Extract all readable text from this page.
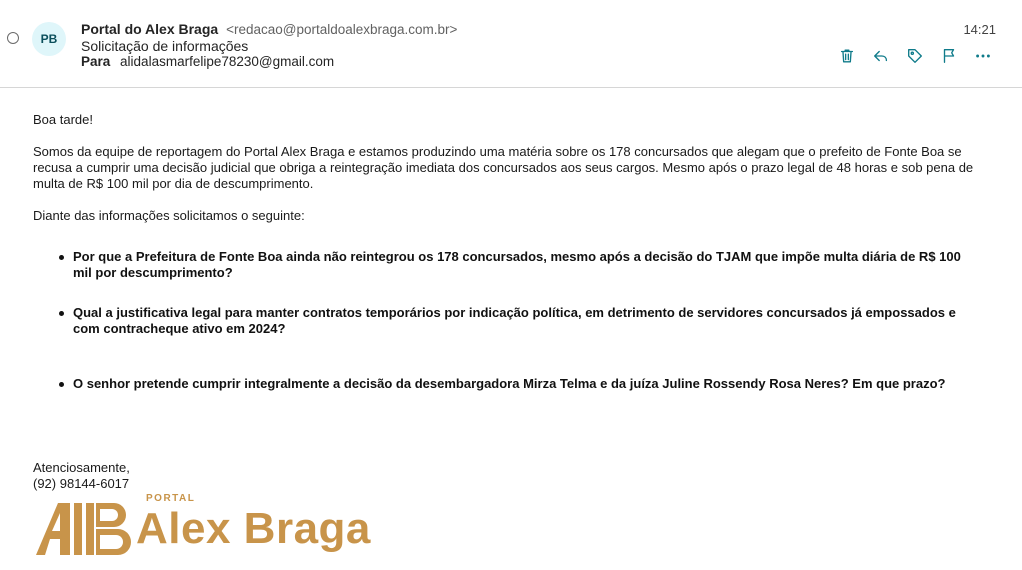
PB
Portal do Alex Braga <redacao@portaldoalexbraga.com.br>
Solicitação de informações
Para alidalasmarfelipe78230@gmail.com
14:21

Boa tarde!

Somos da equipe de reportagem do Portal Alex Braga e estamos produzindo uma matéria sobre os 178 concursados que alegam que o prefeito de Fonte Boa se recusa a cumprir uma decisão judicial que obriga a reintegração imediata dos concursados aos seus cargos. Mesmo após o prazo legal de 48 horas e sob pena de multa de R$ 100 mil por dia de descumprimento.

Diante das informações solicitamos o seguinte:

Por que a Prefeitura de Fonte Boa ainda não reintegrou os 178 concursados, mesmo após a decisão do TJAM que impõe multa diária de R$ 100 mil por descumprimento?
Qual a justificativa legal para manter contratos temporários por indicação política, em detrimento de servidores concursados já empossados e com contracheque ativo em 2024?
O senhor pretende cumprir integralmente a decisão da desembargadora Mirza Telma e da juíza Juline Rossendy Rosa Neres? Em que prazo?
Atenciosamente,
(92) 98144-6017
PORTAL
Alex Braga
